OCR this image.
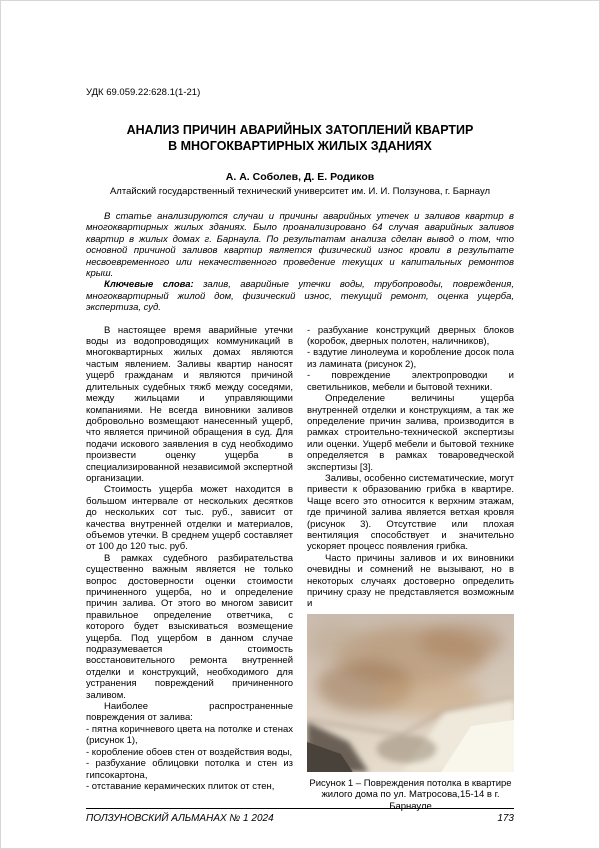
УДК 69.059.22:628.1(1-21)
АНАЛИЗ ПРИЧИН АВАРИЙНЫХ ЗАТОПЛЕНИЙ КВАРТИР
В МНОГОКВАРТИРНЫХ ЖИЛЫХ ЗДАНИЯХ
А. А. Соболев, Д. Е. Родиков
Алтайский государственный технический университет им. И. И. Ползунова, г. Барнаул

В статье анализируются случаи и причины аварийных утечек и заливов квартир в многоквартирных жилых зданиях. Было проанализировано 64 случая аварийных заливов квартир в жилых домах г. Барнаула. По результатам анализа сделан вывод о том, что основной причиной заливов квартир является физический износ кровли в результате несвоевременного или некачественного проведение текущих и капитальных ремонтов крыш.

Ключевые слова: залив, аварийные утечки воды, трубопроводы, повреждения, многоквартирный жилой дом, физический износ, текущий ремонт, оценка ущерба, экспертиза, суд.

В настоящее время аварийные утечки воды из водопроводящих коммуникаций в многоквартирных жилых домах являются частым явлением. Заливы квартир наносят ущерб гражданам и являются причиной длительных судебных тяжб между соседями, между жильцами и управляющими компаниями. Не всегда виновники заливов добровольно возмещают нанесенный ущерб, что является причиной обращения в суд. Для подачи искового заявления в суд необходимо произвести оценку ущерба в специализированной независимой экспертной организации.

Стоимость ущерба может находится в большом интервале от нескольких десятков до нескольких сот тыс. руб., зависит от качества внутренней отделки и материалов, объемов утечки. В среднем ущерб составляет от 100 до 120 тыс. руб.

В рамках судебного разбирательства существенно важным является не только вопрос достоверности оценки стоимости причиненного ущерба, но и определение причин залива. От этого во многом зависит правильное определение ответчика, с которого будет взыскиваться возмещение ущерба. Под ущербом в данном случае подразумевается стоимость восстановительного ремонта внутренней отделки и конструкций, необходимого для устранения повреждений причиненного заливом.

Наиболее распространенные повреждения от залива:

- пятна коричневого цвета на потолке и стенах (рисунок 1),

- коробление обоев стен от воздействия воды,

- разбухание облицовки потолка и стен из гипсокартона,

- отставание керамических плиток от стен,

- разбухание конструкций дверных блоков (коробок, дверных полотен, наличников),

- вздутие линолеума и коробление досок пола из ламината (рисунок 2),

- повреждение электропроводки и светильников, мебели и бытовой техники.

Определение величины ущерба внутренней отделки и конструкциям, а так же определение причин залива, производится в рамках строительно-технической экспертизы или оценки. Ущерб мебели и бытовой технике определяется в рамках товароведческой экспертизы [3].

Заливы, особенно систематические, могут привести к образованию грибка в квартире. Чаще всего это относится к верхним этажам, где причиной залива является ветхая кровля (рисунок 3). Отсутствие или плохая вентиляция способствует и значительно ускоряет процесс появления грибка.

Часто причины заливов и их виновники очевидны и сомнений не вызывают, но в некоторых случаях достоверно определить причину сразу не представляется возможным и

Рисунок 1 – Повреждения потолка в квартире жилого дома по ул. Матросова,15-14 в г. Барнауле
ПОЛЗУНОВСКИЙ АЛЬМАНАХ № 1 2024	173
